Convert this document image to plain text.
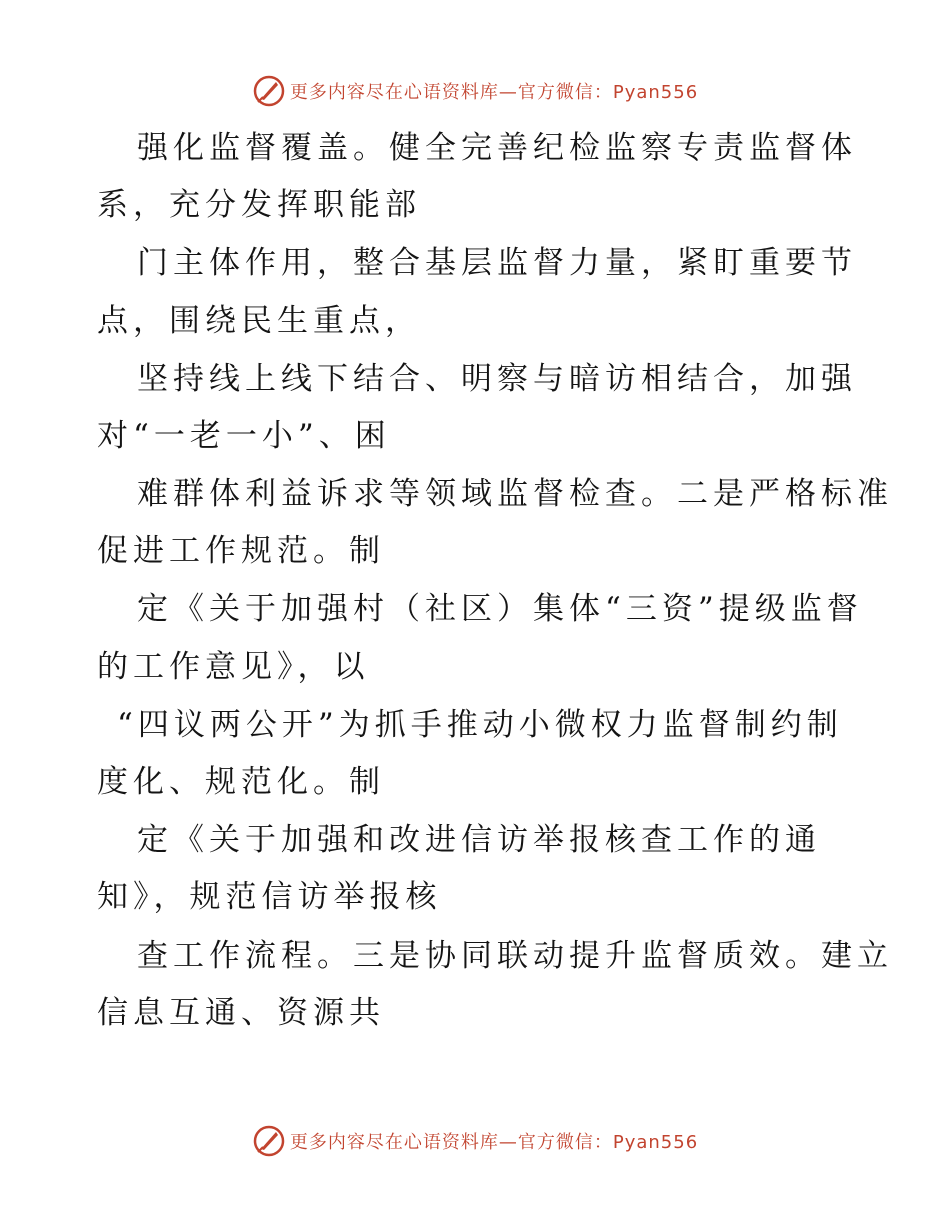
更多内容尽在心语资料库—官方微信：Pyan556
强化监督覆盖。健全完善纪检监察专责监督体
系，充分发挥职能部
门主体作用，整合基层监督力量，紧盯重要节
点，围绕民生重点，
坚持线上线下结合、明察与暗访相结合，加强
对“一老一小”、困
难群体利益诉求等领域监督检查。二是严格标准
促进工作规范。制
定《关于加强村（社区）集体“三资”提级监督
的工作意见》，以
“四议两公开”为抓手推动小微权力监督制约制
度化、规范化。制
定《关于加强和改进信访举报核查工作的通
知》，规范信访举报核
查工作流程。三是协同联动提升监督质效。建立
信息互通、资源共
更多内容尽在心语资料库—官方微信：Pyan556
